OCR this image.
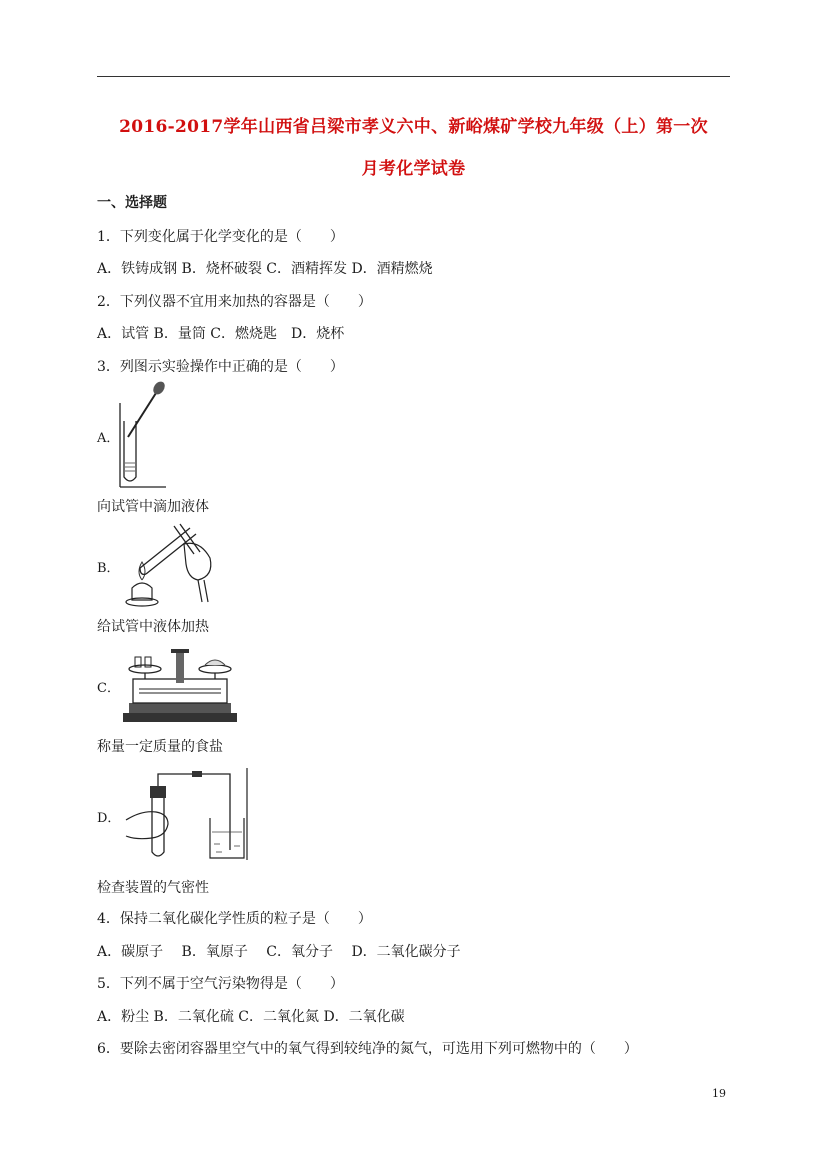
2016-2017学年山西省吕梁市孝义六中、新峪煤矿学校九年级（上）第一次
月考化学试卷
一、选择题
1．下列变化属于化学变化的是（　　）
A．铁铸成钢 B．烧杯破裂 C．酒精挥发 D．酒精燃烧
2．下列仪器不宜用来加热的容器是（　　）
A．试管 B．量筒 C．燃烧匙　D．烧杯
3．列图示实验操作中正确的是（　　）
A．
向试管中滴加液体
B．
给试管中液体加热
C．
称量一定质量的食盐
D．
检查装置的气密性
4．保持二氧化碳化学性质的粒子是（　　）
A．碳原子　 B．氧原子　 C．氧分子　 D．二氧化碳分子
5．下列不属于空气污染物得是（　　）
A．粉尘 B．二氧化硫 C．二氧化氮 D．二氧化碳
6．要除去密闭容器里空气中的氧气得到较纯净的氮气，可选用下列可燃物中的（　　）
19
